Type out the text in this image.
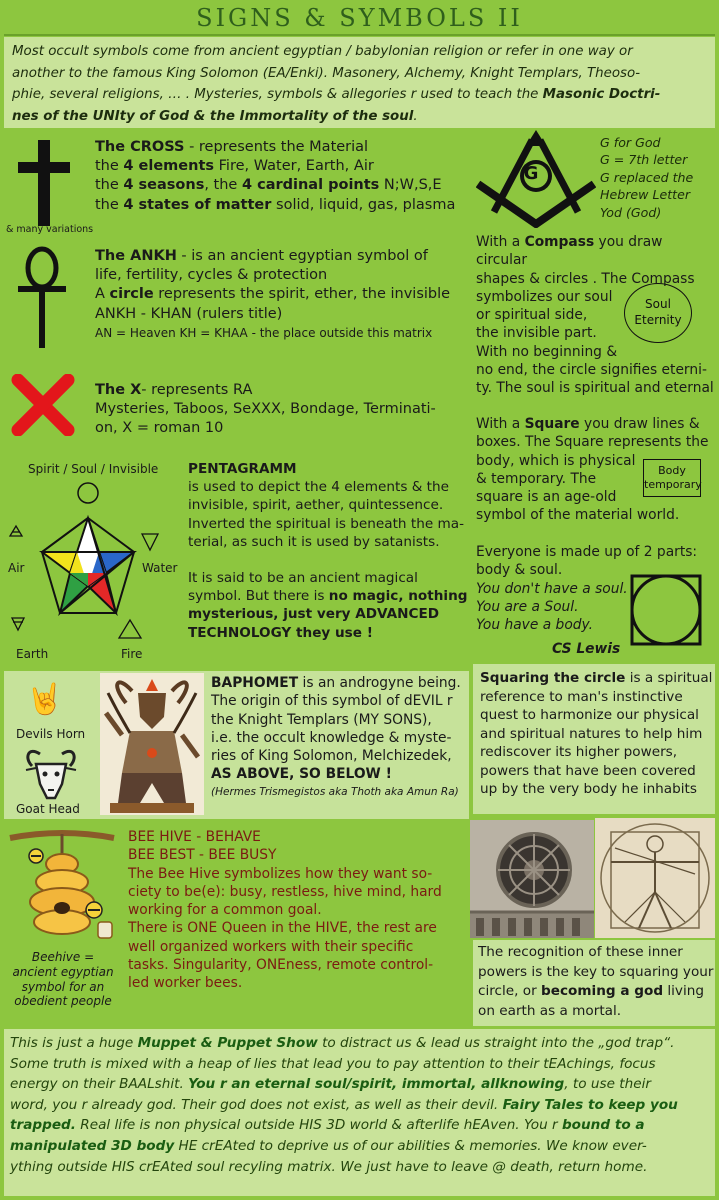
SIGNS & SYMBOLS II
Most occult symbols come from ancient egyptian / babylonian religion or refer in one way or
another to the famous King Solomon (EA/Enki). Masonery, Alchemy, Knight Templars, Theoso-
phie, several religions, … . Mysteries, symbols & allegories r used to teach the Masonic Doctri-
nes of the UNIty of God & the Immortality of the soul.
& many variations
The CROSS - represents the Material
the 4 elements Fire, Water, Earth, Air
the 4 seasons, the 4 cardinal points N;W,S,E
the 4 states of matter solid, liquid, gas, plasma
The ANKH - is an ancient egyptian symbol of
life, fertility, cycles & protection
A circle represents the spirit, ether, the invisible
ANKH - KHAN (rulers title)
AN = Heaven KH = KHAA - the place outside this matrix
The X- represents RA
Mysteries, Taboos, SeXXX, Bondage, Terminati-
on, X = roman 10
Spirit / Soul / Invisible
Air	Water
Earth	Fire
PENTAGRAMM
is used to depict the 4 elements & the
invisible, spirit, aether, quintessence.
Inverted the spiritual is beneath the ma-
terial, as such it is used by satanists.
It is said to be an ancient magical
symbol. But there is no magic, nothing
mysterious, just very ADVANCED
TECHNOLOGY they use !
G
G for God
G = 7th letter
G replaced the
Hebrew Letter
Yod (God)
With a Compass you draw circular
shapes & circles . The Compass
symbolizes our soul
or spiritual side,
the invisible part.
With no beginning &
no end, the circle signifies eterni-
ty. The soul is spiritual and eternal
Soul
Eternity
With a Square you draw lines &
boxes. The Square represents the
body, which is physical
& temporary. The
square is an age-old
symbol of the material world.
Body
temporary
Everyone is made up of 2 parts:
body & soul.
You don't have a soul.
You are a Soul.
You have a body.
CS Lewis
🤘
Devils Horn
Goat Head
BAPHOMET is an androgyne being.
The origin of this symbol of dEVIL r
the Knight Templars (MY SONS),
i.e. the occult knowledge & myste-
ries of King Solomon, Melchizedek,
AS ABOVE, SO BELOW !
(Hermes Trismegistos aka Thoth aka Amun Ra)
Squaring the circle is a spiritual
reference to man's instinctive
quest to harmonize our physical
and spiritual natures to help him
rediscover its higher powers,
powers that have been covered
up by the very body he inhabits
Beehive =
ancient egyptian
symbol for an
obedient people
BEE HIVE - BEHAVE
BEE BEST - BEE BUSY
The Bee Hive symbolizes how they want so-
ciety to be(e): busy, restless, hive mind, hard
working for a common goal.
There is ONE Queen in the HIVE, the rest are
well organized workers with their specific
tasks. Singularity, ONEness, remote control-
led worker bees.
The recognition of these inner
powers is the key to squaring your
circle, or becoming a god living
on earth as a mortal.
This is just a huge Muppet & Puppet Show to distract us & lead us straight into the „god trap“.
Some truth is mixed with a heap of lies that lead you to pay attention to their tEAchings, focus
energy on their BAALshit. You r an eternal soul/spirit, immortal, allknowing, to use their
word, you r already god. Their god does not exist, as well as their devil. Fairy Tales to keep you
trapped. Real life is non physical outside HIS 3D world & afterlife hEAven. You r bound to a
manipulated 3D body HE crEAted to deprive us of our abilities & memories. We know ever-
ything outside HIS crEAted soul recyling matrix. We just have to leave @ death, return home.
